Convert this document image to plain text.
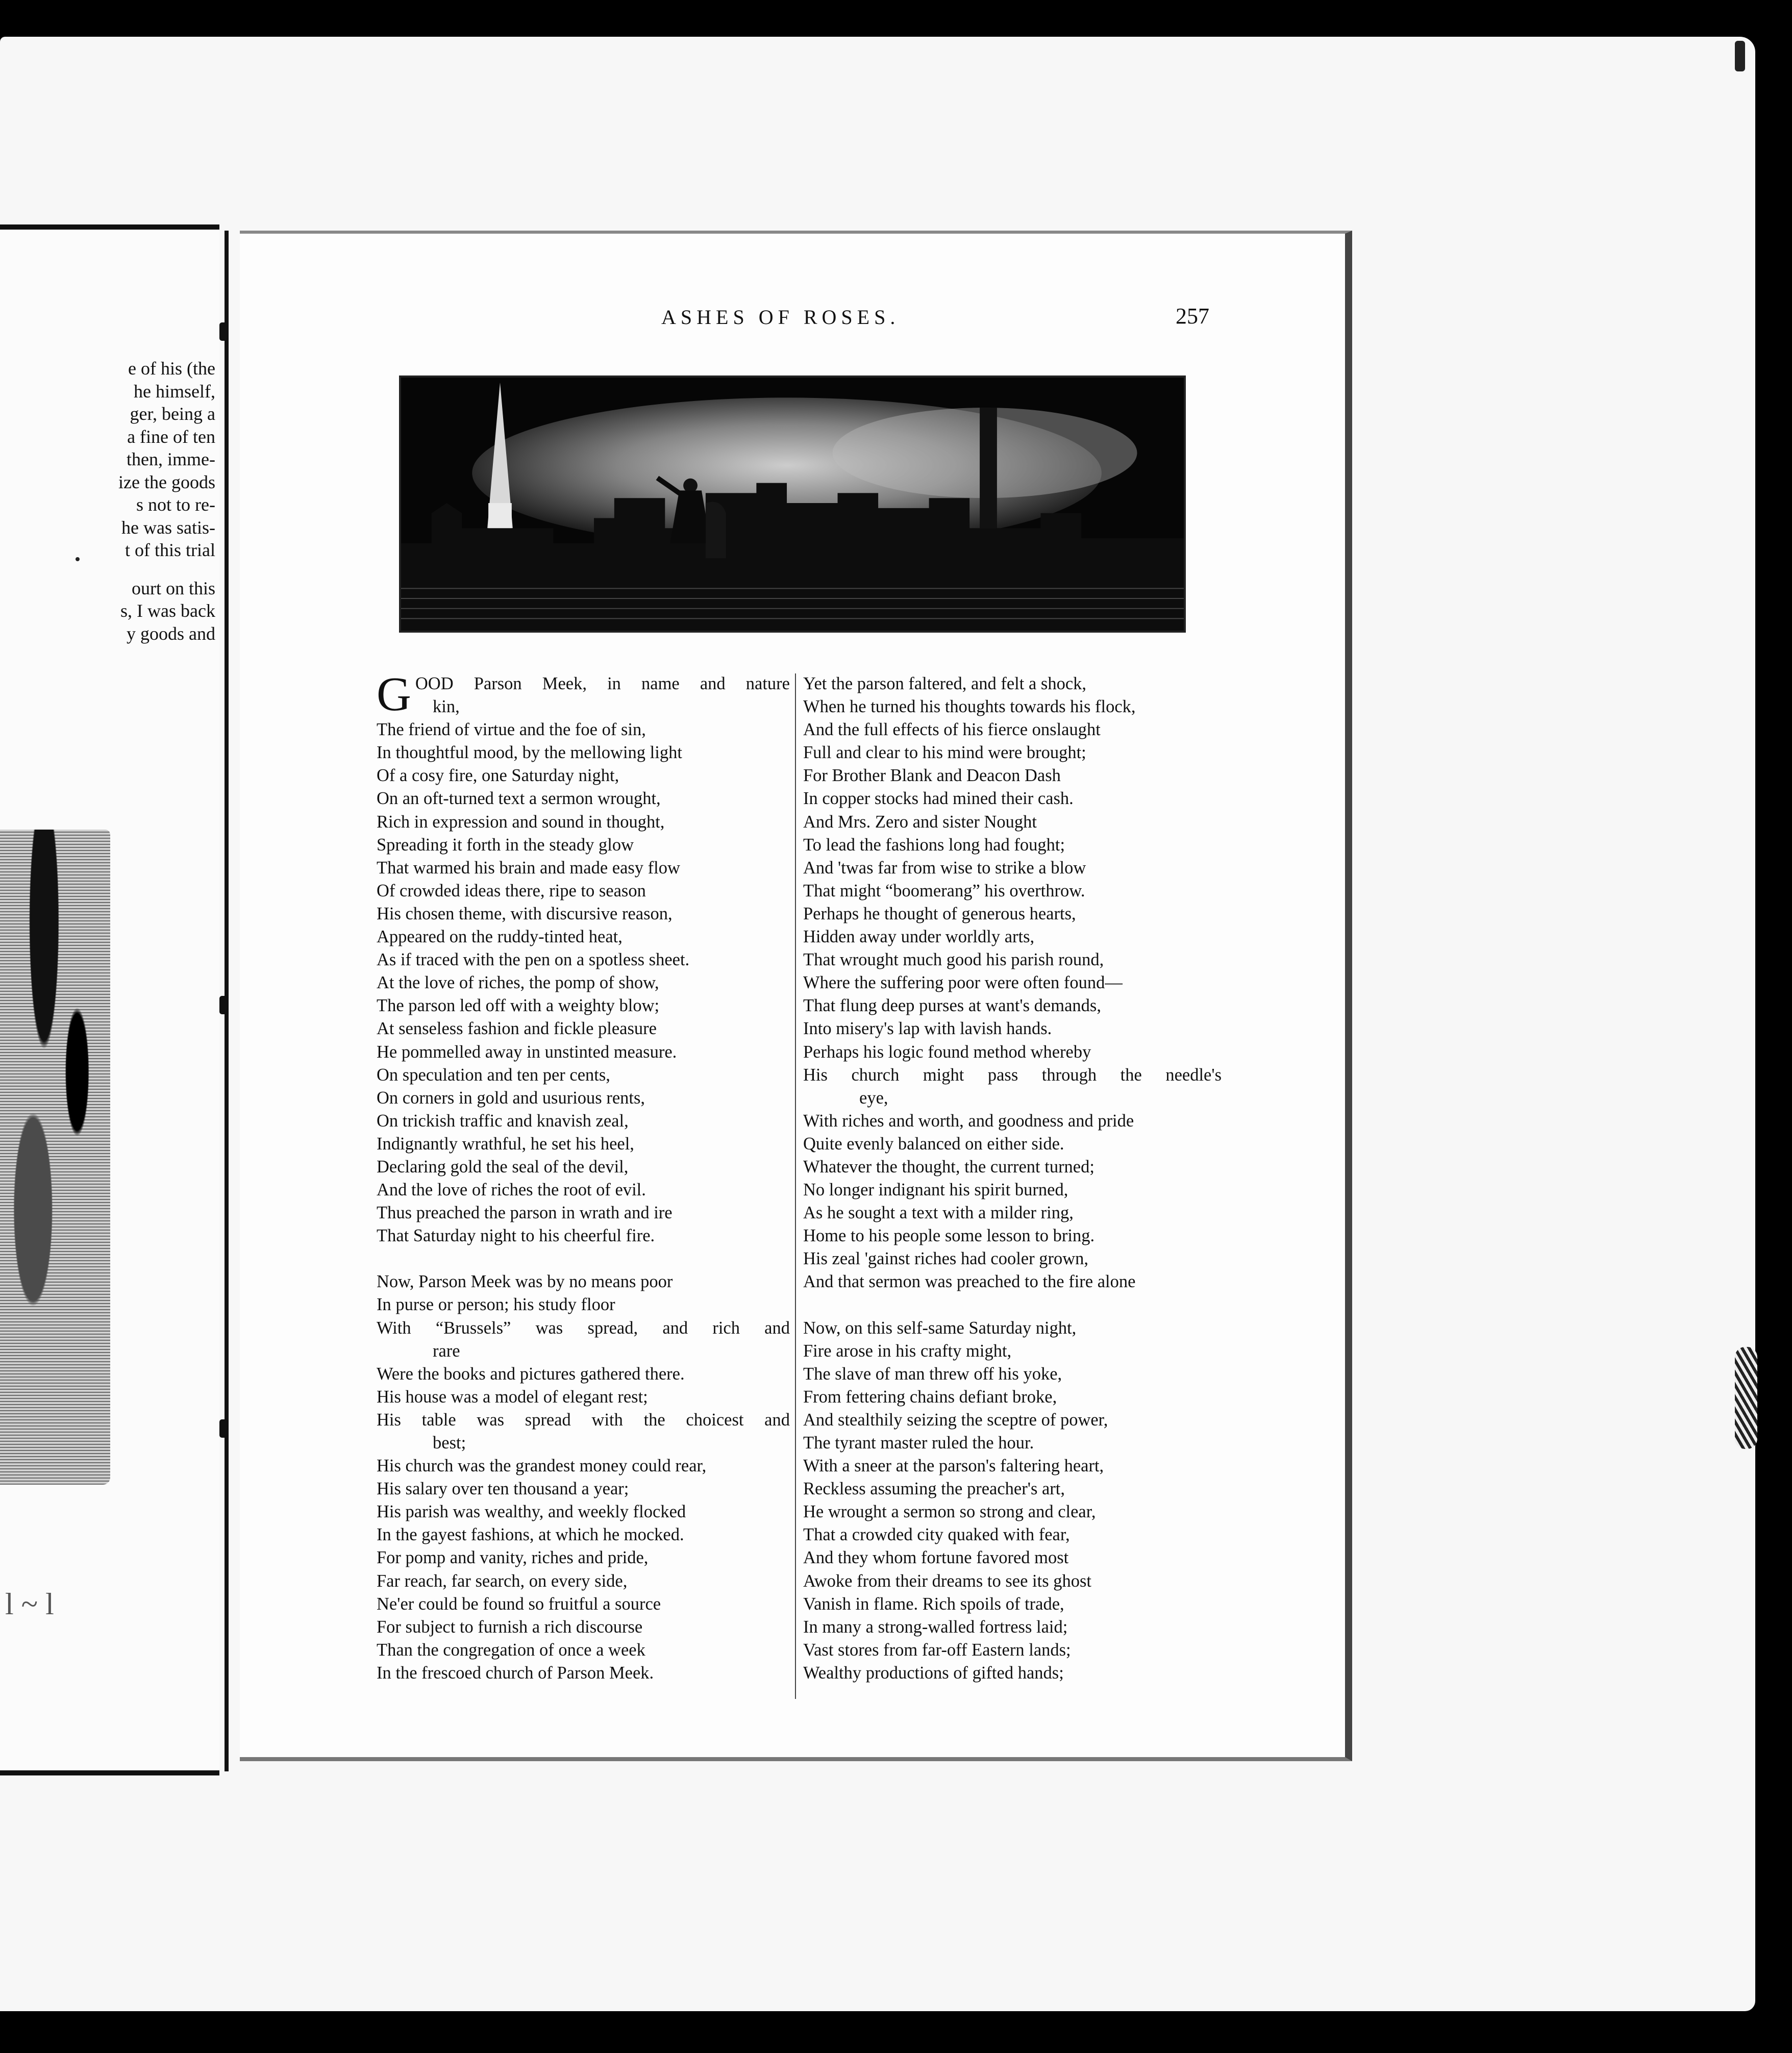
e of his (the
he himself,
ger, being a
a fine of ten
then, imme-
ize the goods
s not to re-
he was satis-
t of this trial
ourt on this
s, I was back
y goods and
l ~ l
ASHES OF ROSES.	257
G OOD Parson Meek, in name and nature
kin,
The friend of virtue and the foe of sin,
In thoughtful mood, by the mellowing light
Of a cosy fire, one Saturday night,
On an oft-turned text a sermon wrought,
Rich in expression and sound in thought,
Spreading it forth in the steady glow
That warmed his brain and made easy flow
Of crowded ideas there, ripe to season
His chosen theme, with discursive reason,
Appeared on the ruddy-tinted heat,
As if traced with the pen on a spotless sheet.
At the love of riches, the pomp of show,
The parson led off with a weighty blow;
At senseless fashion and fickle pleasure
He pommelled away in unstinted measure.
On speculation and ten per cents,
On corners in gold and usurious rents,
On trickish traffic and knavish zeal,
Indignantly wrathful, he set his heel,
Declaring gold the seal of the devil,
And the love of riches the root of evil.
Thus preached the parson in wrath and ire
That Saturday night to his cheerful fire.
Now, Parson Meek was by no means poor
In purse or person; his study floor
With “Brussels” was spread, and rich and
rare
Were the books and pictures gathered there.
His house was a model of elegant rest;
His table was spread with the choicest and
best;
His church was the grandest money could rear,
His salary over ten thousand a year;
His parish was wealthy, and weekly flocked
In the gayest fashions, at which he mocked.
For pomp and vanity, riches and pride,
Far reach, far search, on every side,
Ne'er could be found so fruitful a source
For subject to furnish a rich discourse
Than the congregation of once a week
In the frescoed church of Parson Meek.
Yet the parson faltered, and felt a shock,
When he turned his thoughts towards his flock,
And the full effects of his fierce onslaught
Full and clear to his mind were brought;
For Brother Blank and Deacon Dash
In copper stocks had mined their cash.
And Mrs. Zero and sister Nought
To lead the fashions long had fought;
And 'twas far from wise to strike a blow
That might “boomerang” his overthrow.
Perhaps he thought of generous hearts,
Hidden away under worldly arts,
That wrought much good his parish round,
Where the suffering poor were often found—
That flung deep purses at want's demands,
Into misery's lap with lavish hands.
Perhaps his logic found method whereby
His church might pass through the needle's
eye,
With riches and worth, and goodness and pride
Quite evenly balanced on either side.
Whatever the thought, the current turned;
No longer indignant his spirit burned,
As he sought a text with a milder ring,
Home to his people some lesson to bring.
His zeal 'gainst riches had cooler grown,
And that sermon was preached to the fire alone
Now, on this self-same Saturday night,
Fire arose in his crafty might,
The slave of man threw off his yoke,
From fettering chains defiant broke,
And stealthily seizing the sceptre of power,
The tyrant master ruled the hour.
With a sneer at the parson's faltering heart,
Reckless assuming the preacher's art,
He wrought a sermon so strong and clear,
That a crowded city quaked with fear,
And they whom fortune favored most
Awoke from their dreams to see its ghost
Vanish in flame. Rich spoils of trade,
In many a strong-walled fortress laid;
Vast stores from far-off Eastern lands;
Wealthy productions of gifted hands;
